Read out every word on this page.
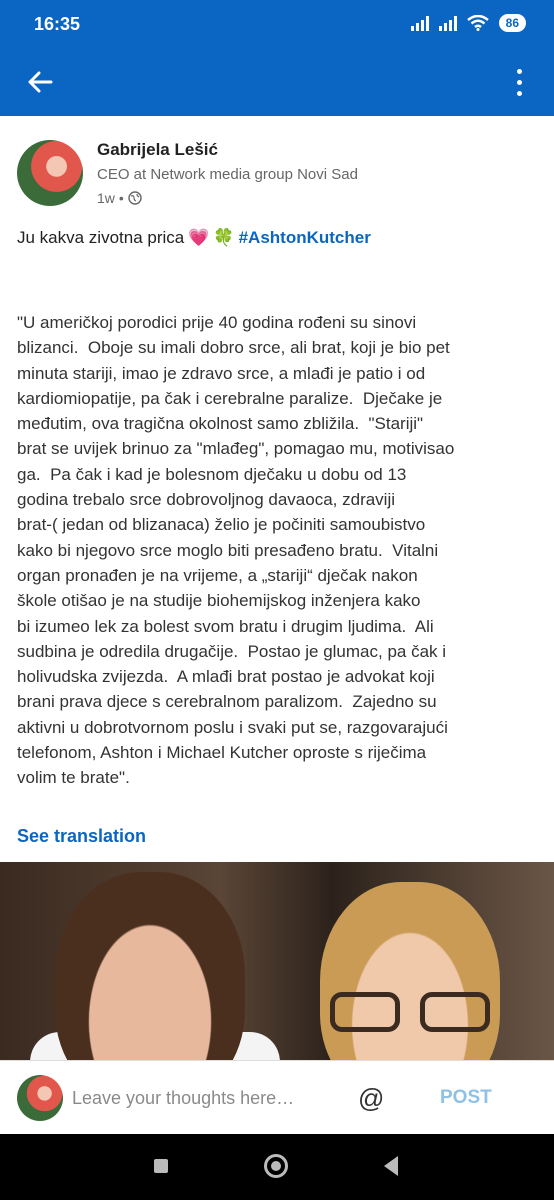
16:35	86
Gabrijela Lešić
CEO at Network media group Novi Sad
1w •
Ju kakva zivotna prica 💗 🍀 #AshtonKutcher
"U američkoj porodici prije 40 godina rođeni su sinovi
blizanci.  Oboje su imali dobro srce, ali brat, koji je bio pet
minuta stariji, imao je zdravo srce, a mlađi je patio i od
kardiomiopatije, pa čak i cerebralne paralize.  Dječake je
međutim, ova tragična okolnost samo zbližila.  "Stariji"
brat se uvijek brinuo za "mlađeg", pomagao mu, motivisao
ga.  Pa čak i kad je bolesnom dječaku u dobu od 13
godina trebalo srce dobrovoljnog davaoca, zdraviji
brat-( jedan od blizanaca) želio je počiniti samoubistvo
kako bi njegovo srce moglo biti presađeno bratu.  Vitalni
organ pronađen je na vrijeme, a „stariji“ dječak nakon
škole otišao je na studije biohemijskog inženjera kako
bi izumeo lek za bolest svom bratu i drugim ljudima.  Ali
sudbina je odredila drugačije.  Postao je glumac, pa čak i
holivudska zvijezda.  A mlađi brat postao je advokat koji
brani prava djece s cerebralnom paralizom.  Zajedno su
aktivni u dobrotvornom poslu i svaki put se, razgovarajući
telefonom, Ashton i Michael Kutcher oproste s riječima
volim te brate".
See translation
Leave your thoughts here…
@	POST
